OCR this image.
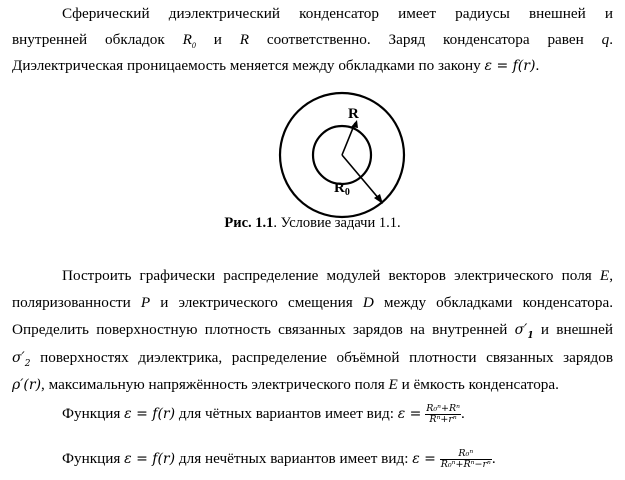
Сферический диэлектрический конденсатор имеет радиусы внешней и
внутренней обкладок $R_0$ и R соответственно. Заряд конденсатора равен q.
Диэлектрическая проницаемость меняется между обкладками по закону ε = f(r).
R
$R_0$
Рис. 1.1. Условие задачи 1.1.
Построить графически распределение модулей векторов электрического поля E,
поляризованности P и электрического смещения D между обкладками конденсатора.
Определить поверхностную плотность связанных зарядов на внутренней $\sigma'_1$ и внешней
$\sigma'_2$ поверхностях диэлектрика, распределение объёмной плотности связанных зарядов
ρ′(r), максимальную напряжённость электрического поля E и ёмкость конденсатора.
Функция ε = f(r) для чётных вариантов имеет вид: $\varepsilon = \frac{\text{R₀ⁿ+Rⁿ}}{\text{Rⁿ+rⁿ}}$ .
Функция ε = f(r) для нечётных вариантов имеет вид: $\varepsilon = \frac{\text{R₀ⁿ}}{\text{R₀ⁿ+Rⁿ−rⁿ}}$ .
